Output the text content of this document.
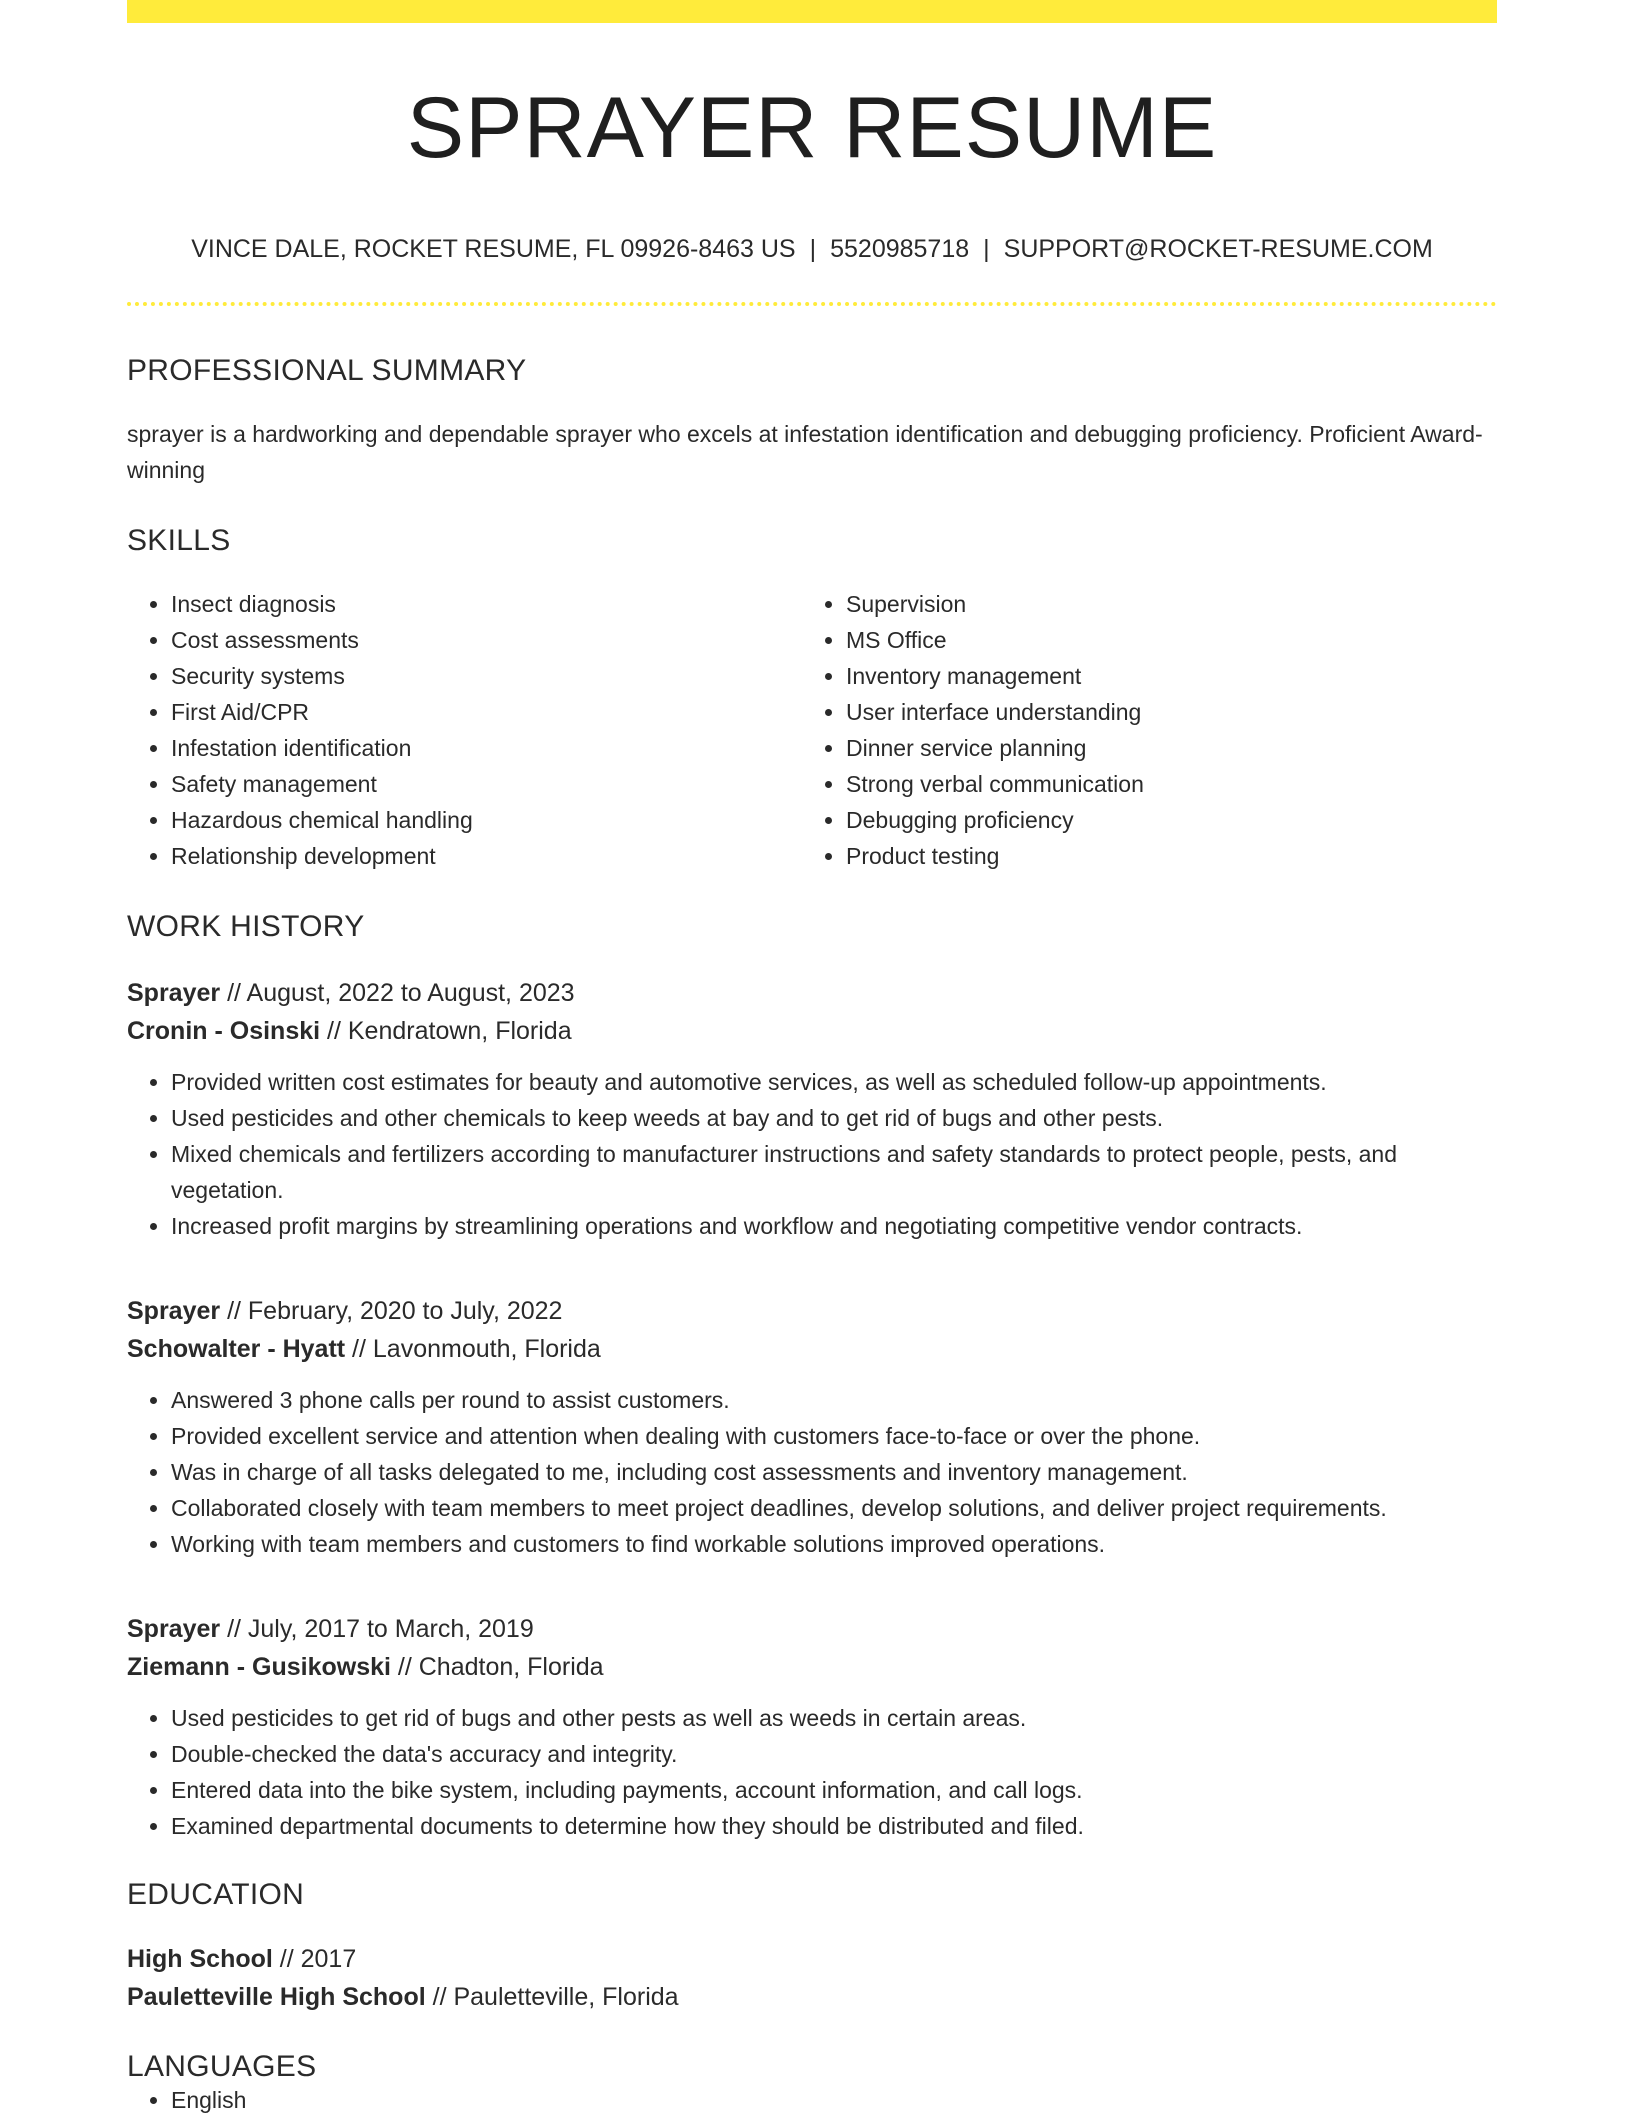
SPRAYER RESUME
VINCE DALE, ROCKET RESUME, FL 09926-8463 US | 5520985718 | SUPPORT@ROCKET-RESUME.COM
PROFESSIONAL SUMMARY
sprayer is a hardworking and dependable sprayer who excels at infestation identification and debugging proficiency. Proficient Award-winning
SKILLS
• Insect diagnosis
• Cost assessments
• Security systems
• First Aid/CPR
• Infestation identification
• Safety management
• Hazardous chemical handling
• Relationship development
• Supervision
• MS Office
• Inventory management
• User interface understanding
• Dinner service planning
• Strong verbal communication
• Debugging proficiency
• Product testing
WORK HISTORY
Sprayer // August, 2022 to August, 2023
Cronin - Osinski // Kendratown, Florida
• Provided written cost estimates for beauty and automotive services, as well as scheduled follow-up appointments.
• Used pesticides and other chemicals to keep weeds at bay and to get rid of bugs and other pests.
• Mixed chemicals and fertilizers according to manufacturer instructions and safety standards to protect people, pests, and vegetation.
• Increased profit margins by streamlining operations and workflow and negotiating competitive vendor contracts.
Sprayer // February, 2020 to July, 2022
Schowalter - Hyatt // Lavonmouth, Florida
• Answered 3 phone calls per round to assist customers.
• Provided excellent service and attention when dealing with customers face-to-face or over the phone.
• Was in charge of all tasks delegated to me, including cost assessments and inventory management.
• Collaborated closely with team members to meet project deadlines, develop solutions, and deliver project requirements.
• Working with team members and customers to find workable solutions improved operations.
Sprayer // July, 2017 to March, 2019
Ziemann - Gusikowski // Chadton, Florida
• Used pesticides to get rid of bugs and other pests as well as weeds in certain areas.
• Double-checked the data's accuracy and integrity.
• Entered data into the bike system, including payments, account information, and call logs.
• Examined departmental documents to determine how they should be distributed and filed.
EDUCATION
High School // 2017
Pauletteville High School // Pauletteville, Florida
LANGUAGES
• English
